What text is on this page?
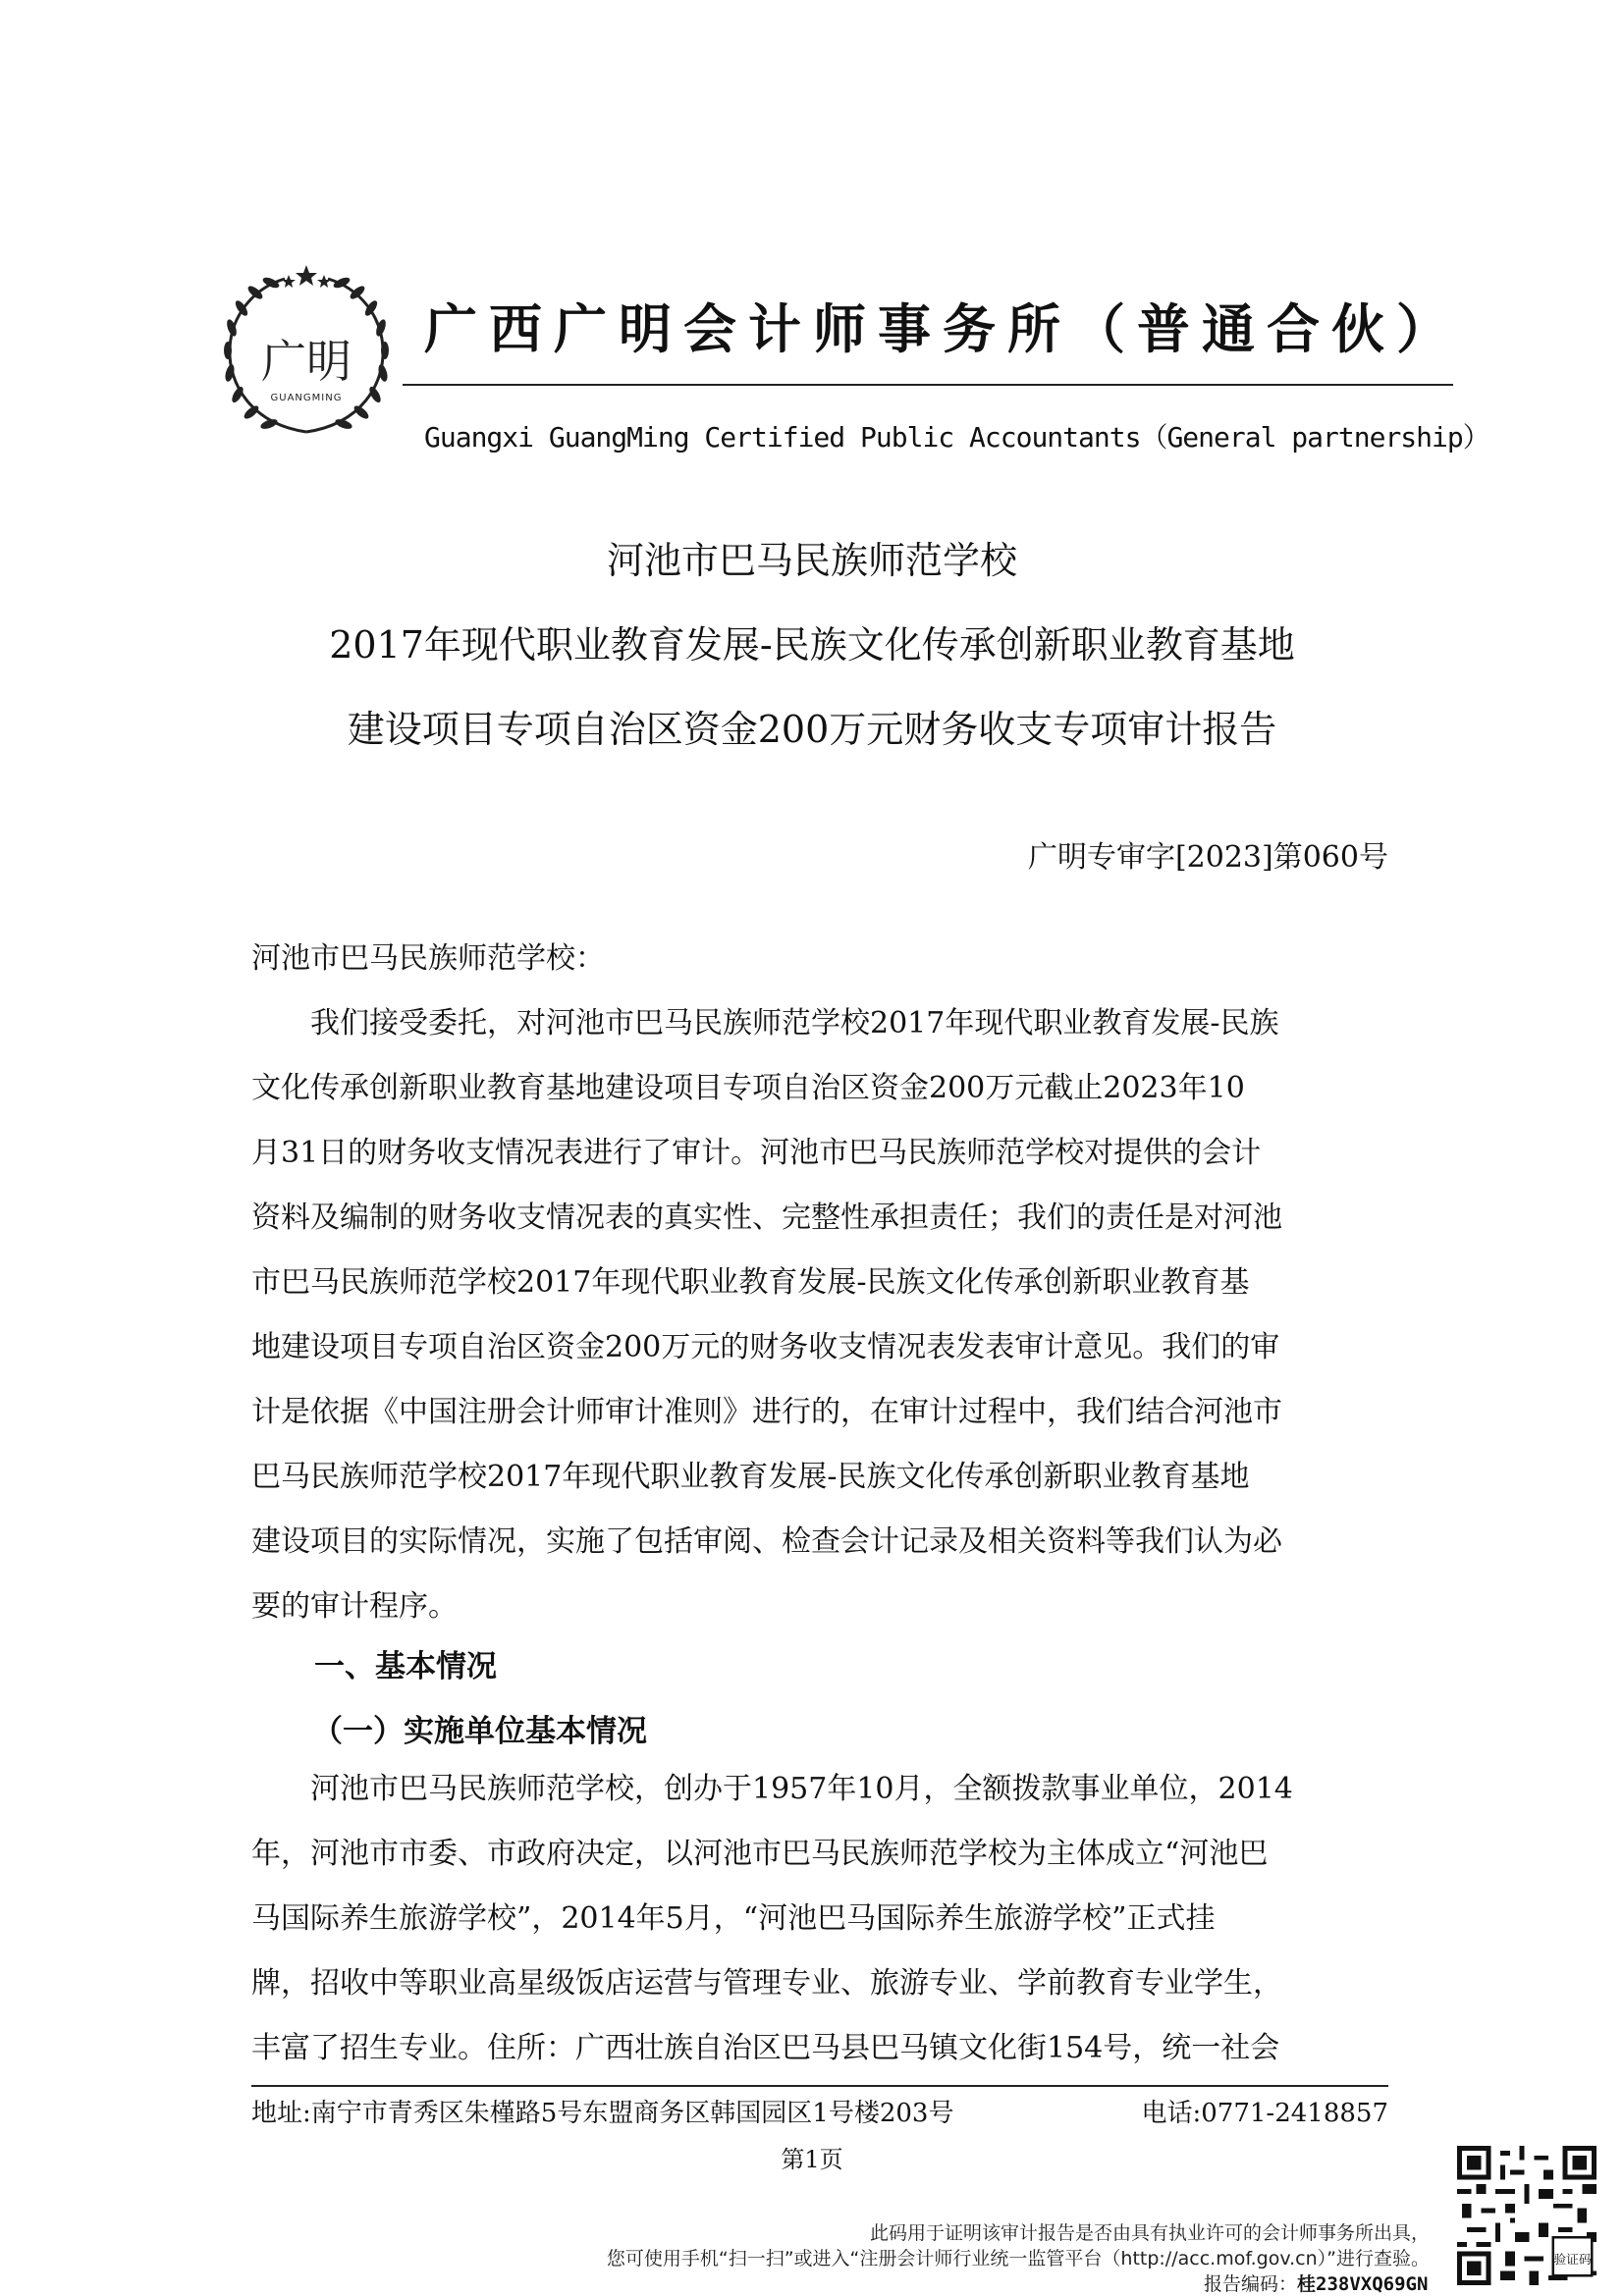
广明
GUANGMING
广西广明会计师事务所（普通合伙）
Guangxi GuangMing Certified Public Accountants（General partnership）
河池市巴马民族师范学校
2017年现代职业教育发展-民族文化传承创新职业教育基地
建设项目专项自治区资金200万元财务收支专项审计报告
广明专审字[2023]第060号

河池市巴马民族师范学校：

我们接受委托，对河池市巴马民族师范学校2017年现代职业教育发展-民族

文化传承创新职业教育基地建设项目专项自治区资金200万元截止2023年10

月31日的财务收支情况表进行了审计。河池市巴马民族师范学校对提供的会计

资料及编制的财务收支情况表的真实性、完整性承担责任；我们的责任是对河池

市巴马民族师范学校2017年现代职业教育发展-民族文化传承创新职业教育基

地建设项目专项自治区资金200万元的财务收支情况表发表审计意见。我们的审

计是依据《中国注册会计师审计准则》进行的，在审计过程中，我们结合河池市

巴马民族师范学校2017年现代职业教育发展-民族文化传承创新职业教育基地

建设项目的实际情况，实施了包括审阅、检查会计记录及相关资料等我们认为必

要的审计程序。

一、基本情况
（一）实施单位基本情况

河池市巴马民族师范学校，创办于1957年10月，全额拨款事业单位，2014

年，河池市市委、市政府决定，以河池市巴马民族师范学校为主体成立“河池巴

马国际养生旅游学校”，2014年5月，“河池巴马国际养生旅游学校”正式挂

牌，招收中等职业高星级饭店运营与管理专业、旅游专业、学前教育专业学生，

丰富了招生专业。住所：广西壮族自治区巴马县巴马镇文化街154号，统一社会

地址:南宁市青秀区朱槿路5号东盟商务区韩国园区1号楼203号	电话:0771-2418857
第1页
此码用于证明该审计报告是否由具有执业许可的会计师事务所出具，
您可使用手机“扫一扫”或进入“注册会计师行业统一监管平台（http://acc.mof.gov.cn）”进行查验。
报告编码：桂238VXQ69GN
验证码
